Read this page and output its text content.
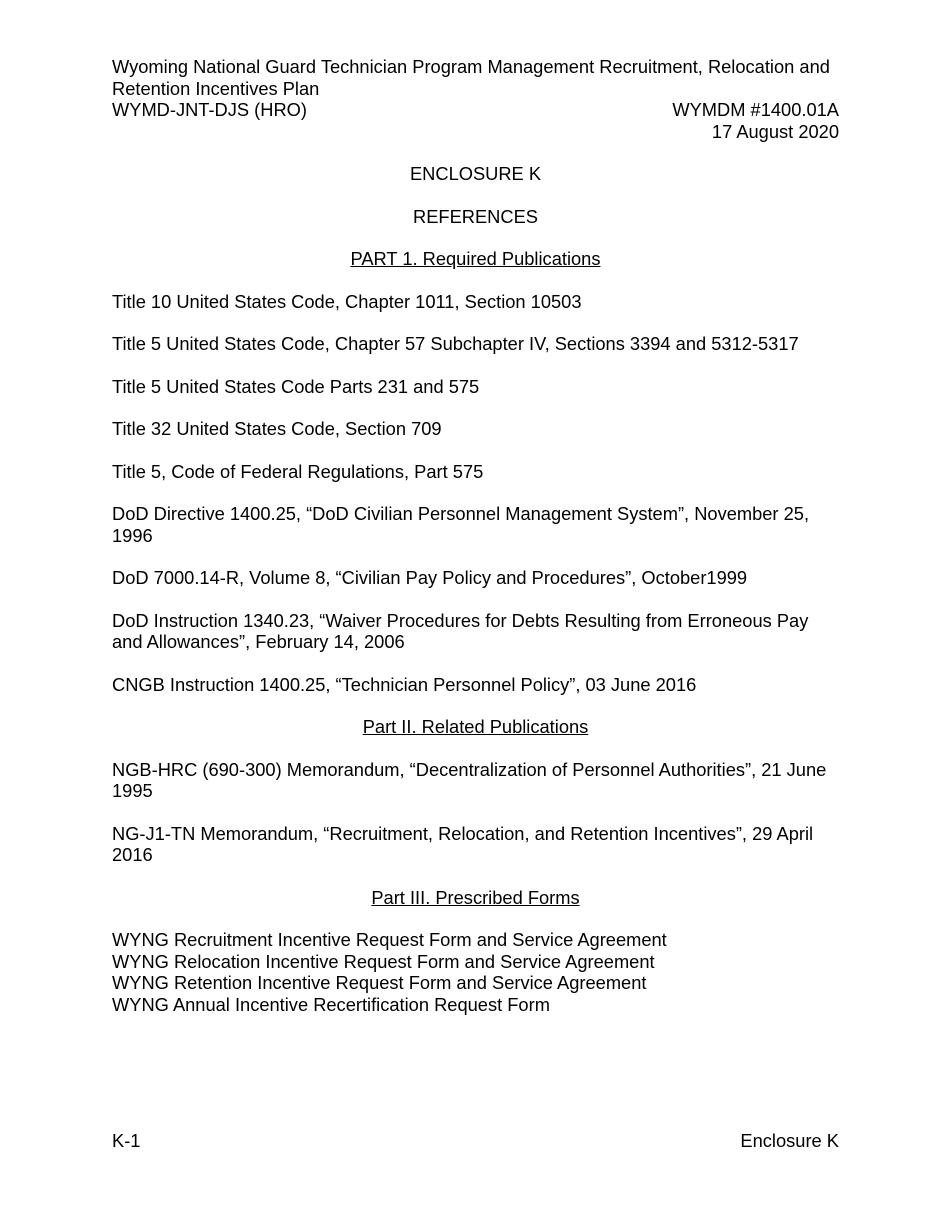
Wyoming National Guard Technician Program Management Recruitment, Relocation and Retention Incentives Plan
WYMD-JNT-DJS (HRO)	WYMDM #1400.01A
17 August 2020
ENCLOSURE K
REFERENCES
PART 1. Required Publications
Title 10 United States Code, Chapter 1011, Section 10503
Title 5 United States Code, Chapter 57 Subchapter IV, Sections 3394 and 5312-5317
Title 5 United States Code Parts 231 and 575
Title 32 United States Code, Section 709
Title 5, Code of Federal Regulations, Part 575
DoD Directive 1400.25, “DoD Civilian Personnel Management System”, November 25, 1996
DoD 7000.14-R, Volume 8, “Civilian Pay Policy and Procedures”, October1999
DoD Instruction 1340.23, “Waiver Procedures for Debts Resulting from Erroneous Pay and Allowances”, February 14, 2006
CNGB Instruction 1400.25, “Technician Personnel Policy”, 03 June 2016
Part II. Related Publications
NGB-HRC (690-300) Memorandum, “Decentralization of Personnel Authorities”, 21 June 1995
NG-J1-TN Memorandum, “Recruitment, Relocation, and Retention Incentives”, 29 April 2016
Part III. Prescribed Forms
WYNG Recruitment Incentive Request Form and Service Agreement
WYNG Relocation Incentive Request Form and Service Agreement
WYNG Retention Incentive Request Form and Service Agreement
WYNG Annual Incentive Recertification Request Form
K-1	Enclosure K
